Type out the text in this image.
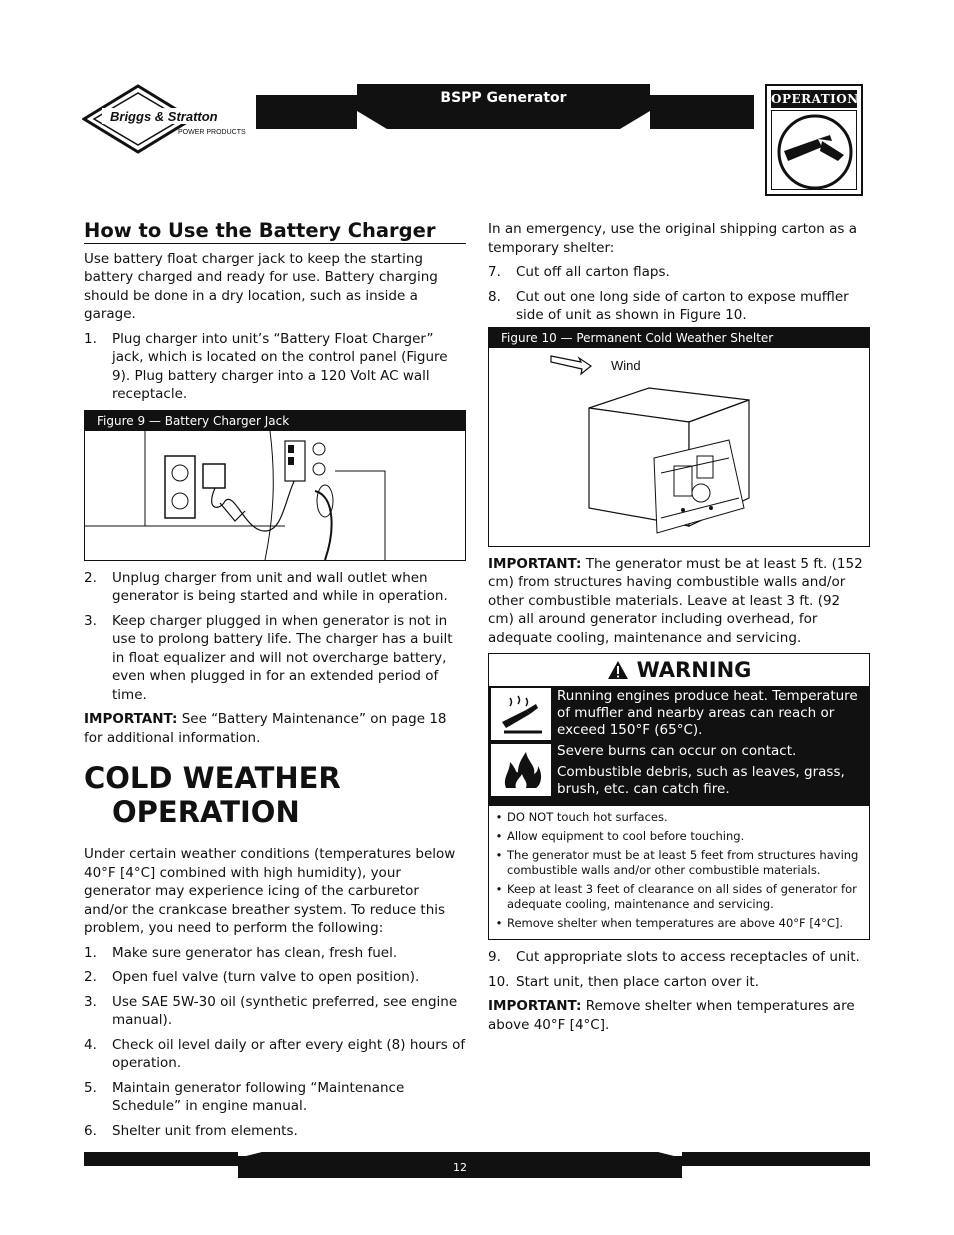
Briggs & Stratton
POWER PRODUCTS
BSPP Generator	OPERATION
How to Use the Battery Charger

Use battery float charger jack to keep the starting battery charged and ready for use. Battery charging should be done in a dry location, such as inside a garage.

1.	Plug charger into unit’s “Battery Float Charger” jack, which is located on the control panel (Figure 9). Plug battery charger into a 120 Volt AC wall receptacle.
Figure 9 — Battery Charger Jack
2.	Unplug charger from unit and wall outlet when generator is being started and while in operation.
3.	Keep charger plugged in when generator is not in use to prolong battery life. The charger has a built in float equalizer and will not overcharge battery, even when plugged in for an extended period of time.

IMPORTANT: See “Battery Maintenance” on page 18 for additional information.

COLD WEATHER
OPERATION

Under certain weather conditions (temperatures below 40°F [4°C] combined with high humidity), your generator may experience icing of the carburetor and/or the crankcase breather system. To reduce this problem, you need to perform the following:

1.	Make sure generator has clean, fresh fuel.
2.	Open fuel valve (turn valve to open position).
3.	Use SAE 5W-30 oil (synthetic preferred, see engine manual).
4.	Check oil level daily or after every eight (8) hours of operation.
5.	Maintain generator following “Maintenance Schedule” in engine manual.
6.	Shelter unit from elements.

In an emergency, use the original shipping carton as a temporary shelter:

7.	Cut off all carton flaps.
8.	Cut out one long side of carton to expose muffler side of unit as shown in Figure 10.
Figure 10 — Permanent Cold Weather Shelter
Wind

IMPORTANT: The generator must be at least 5 ft. (152 cm) from structures having combustible walls and/or other combustible materials. Leave at least 3 ft. (92 cm) all around generator including overhead, for adequate cooling, maintenance and servicing.

WARNING

Running engines produce heat. Temperature of muffler and nearby areas can reach or exceed 150°F (65°C).

Severe burns can occur on contact.

Combustible debris, such as leaves, grass, brush, etc. can catch fire.

• DO NOT touch hot surfaces.
• Allow equipment to cool before touching.
• The generator must be at least 5 feet from structures having combustible walls and/or other combustible materials.
• Keep at least 3 feet of clearance on all sides of generator for adequate cooling, maintenance and servicing.
• Remove shelter when temperatures are above 40°F [4°C].
9.	Cut appropriate slots to access receptacles of unit.
10. Start unit, then place carton over it.

IMPORTANT: Remove shelter when temperatures are above 40°F [4°C].

12
